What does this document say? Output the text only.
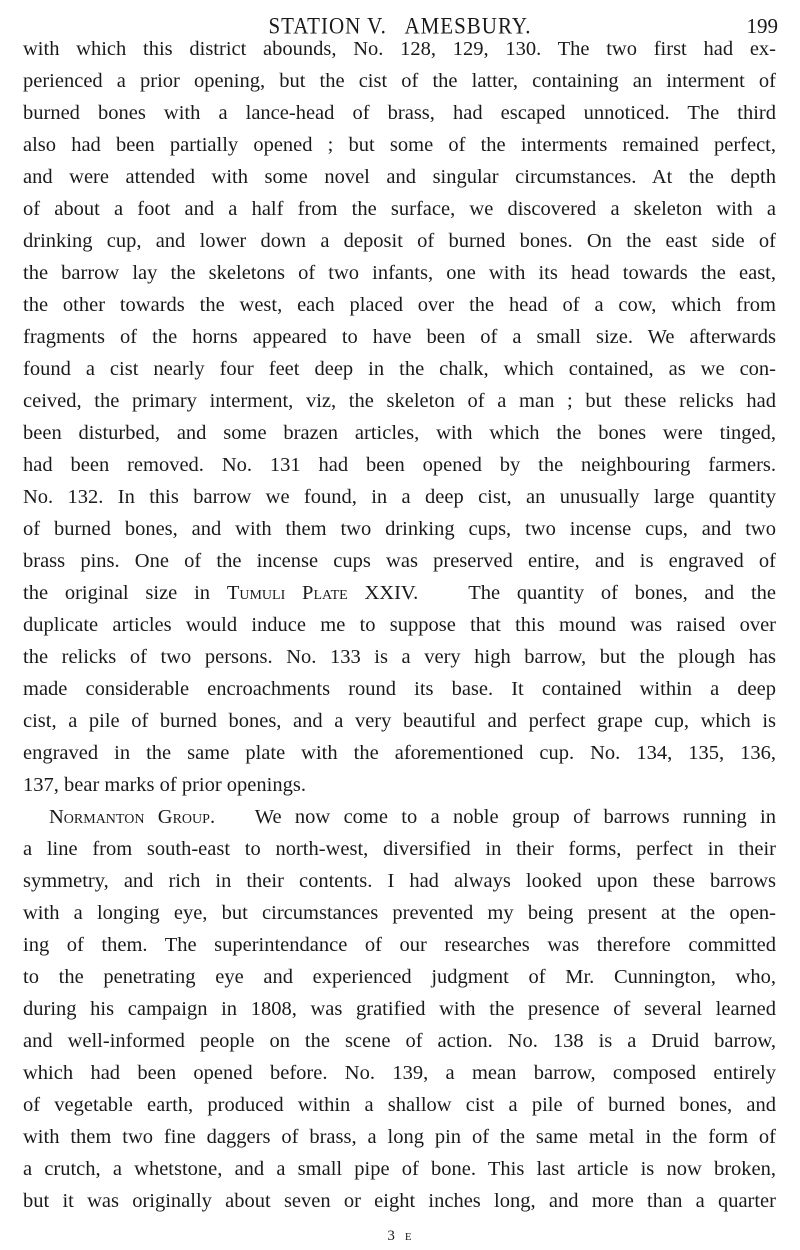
STATION V.   AMESBURY.	199
with which this district abounds, No. 128, 129, 130. The two first had ex-
perienced a prior opening, but the cist of the latter, containing an interment of
burned bones with a lance-head of brass, had escaped unnoticed. The third
also had been partially opened ; but some of the interments remained perfect,
and were attended with some novel and singular circumstances. At the depth
of about a foot and a half from the surface, we discovered a skeleton with a
drinking cup, and lower down a deposit of burned bones. On the east side of
the barrow lay the skeletons of two infants, one with its head towards the east,
the other towards the west, each placed over the head of a cow, which from
fragments of the horns appeared to have been of a small size. We afterwards
found a cist nearly four feet deep in the chalk, which contained, as we con-
ceived, the primary interment, viz, the skeleton of a man ; but these relicks had
been disturbed, and some brazen articles, with which the bones were tinged,
had been removed. No. 131 had been opened by the neighbouring farmers.
No. 132. In this barrow we found, in a deep cist, an unusually large quantity
of burned bones, and with them two drinking cups, two incense cups, and two
brass pins. One of the incense cups was preserved entire, and is engraved of
the original size in Tumuli Plate XXIV.   The quantity of bones, and the
duplicate articles would induce me to suppose that this mound was raised over
the relicks of two persons. No. 133 is a very high barrow, but the plough has
made considerable encroachments round its base. It contained within a deep
cist, a pile of burned bones, and a very beautiful and perfect grape cup, which is
engraved in the same plate with the aforementioned cup. No. 134, 135, 136,
137, bear marks of prior openings.
Normanton Group.   We now come to a noble group of barrows running in
a line from south-east to north-west, diversified in their forms, perfect in their
symmetry, and rich in their contents. I had always looked upon these barrows
with a longing eye, but circumstances prevented my being present at the open-
ing of them. The superintendance of our researches was therefore committed
to the penetrating eye and experienced judgment of Mr. Cunnington, who,
during his campaign in 1808, was gratified with the presence of several learned
and well-informed people on the scene of action. No. 138 is a Druid barrow,
which had been opened before. No. 139, a mean barrow, composed entirely
of vegetable earth, produced within a shallow cist a pile of burned bones, and
with them two fine daggers of brass, a long pin of the same metal in the form of
a crutch, a whetstone, and a small pipe of bone. This last article is now broken,
but it was originally about seven or eight inches long, and more than a quarter
3 E
